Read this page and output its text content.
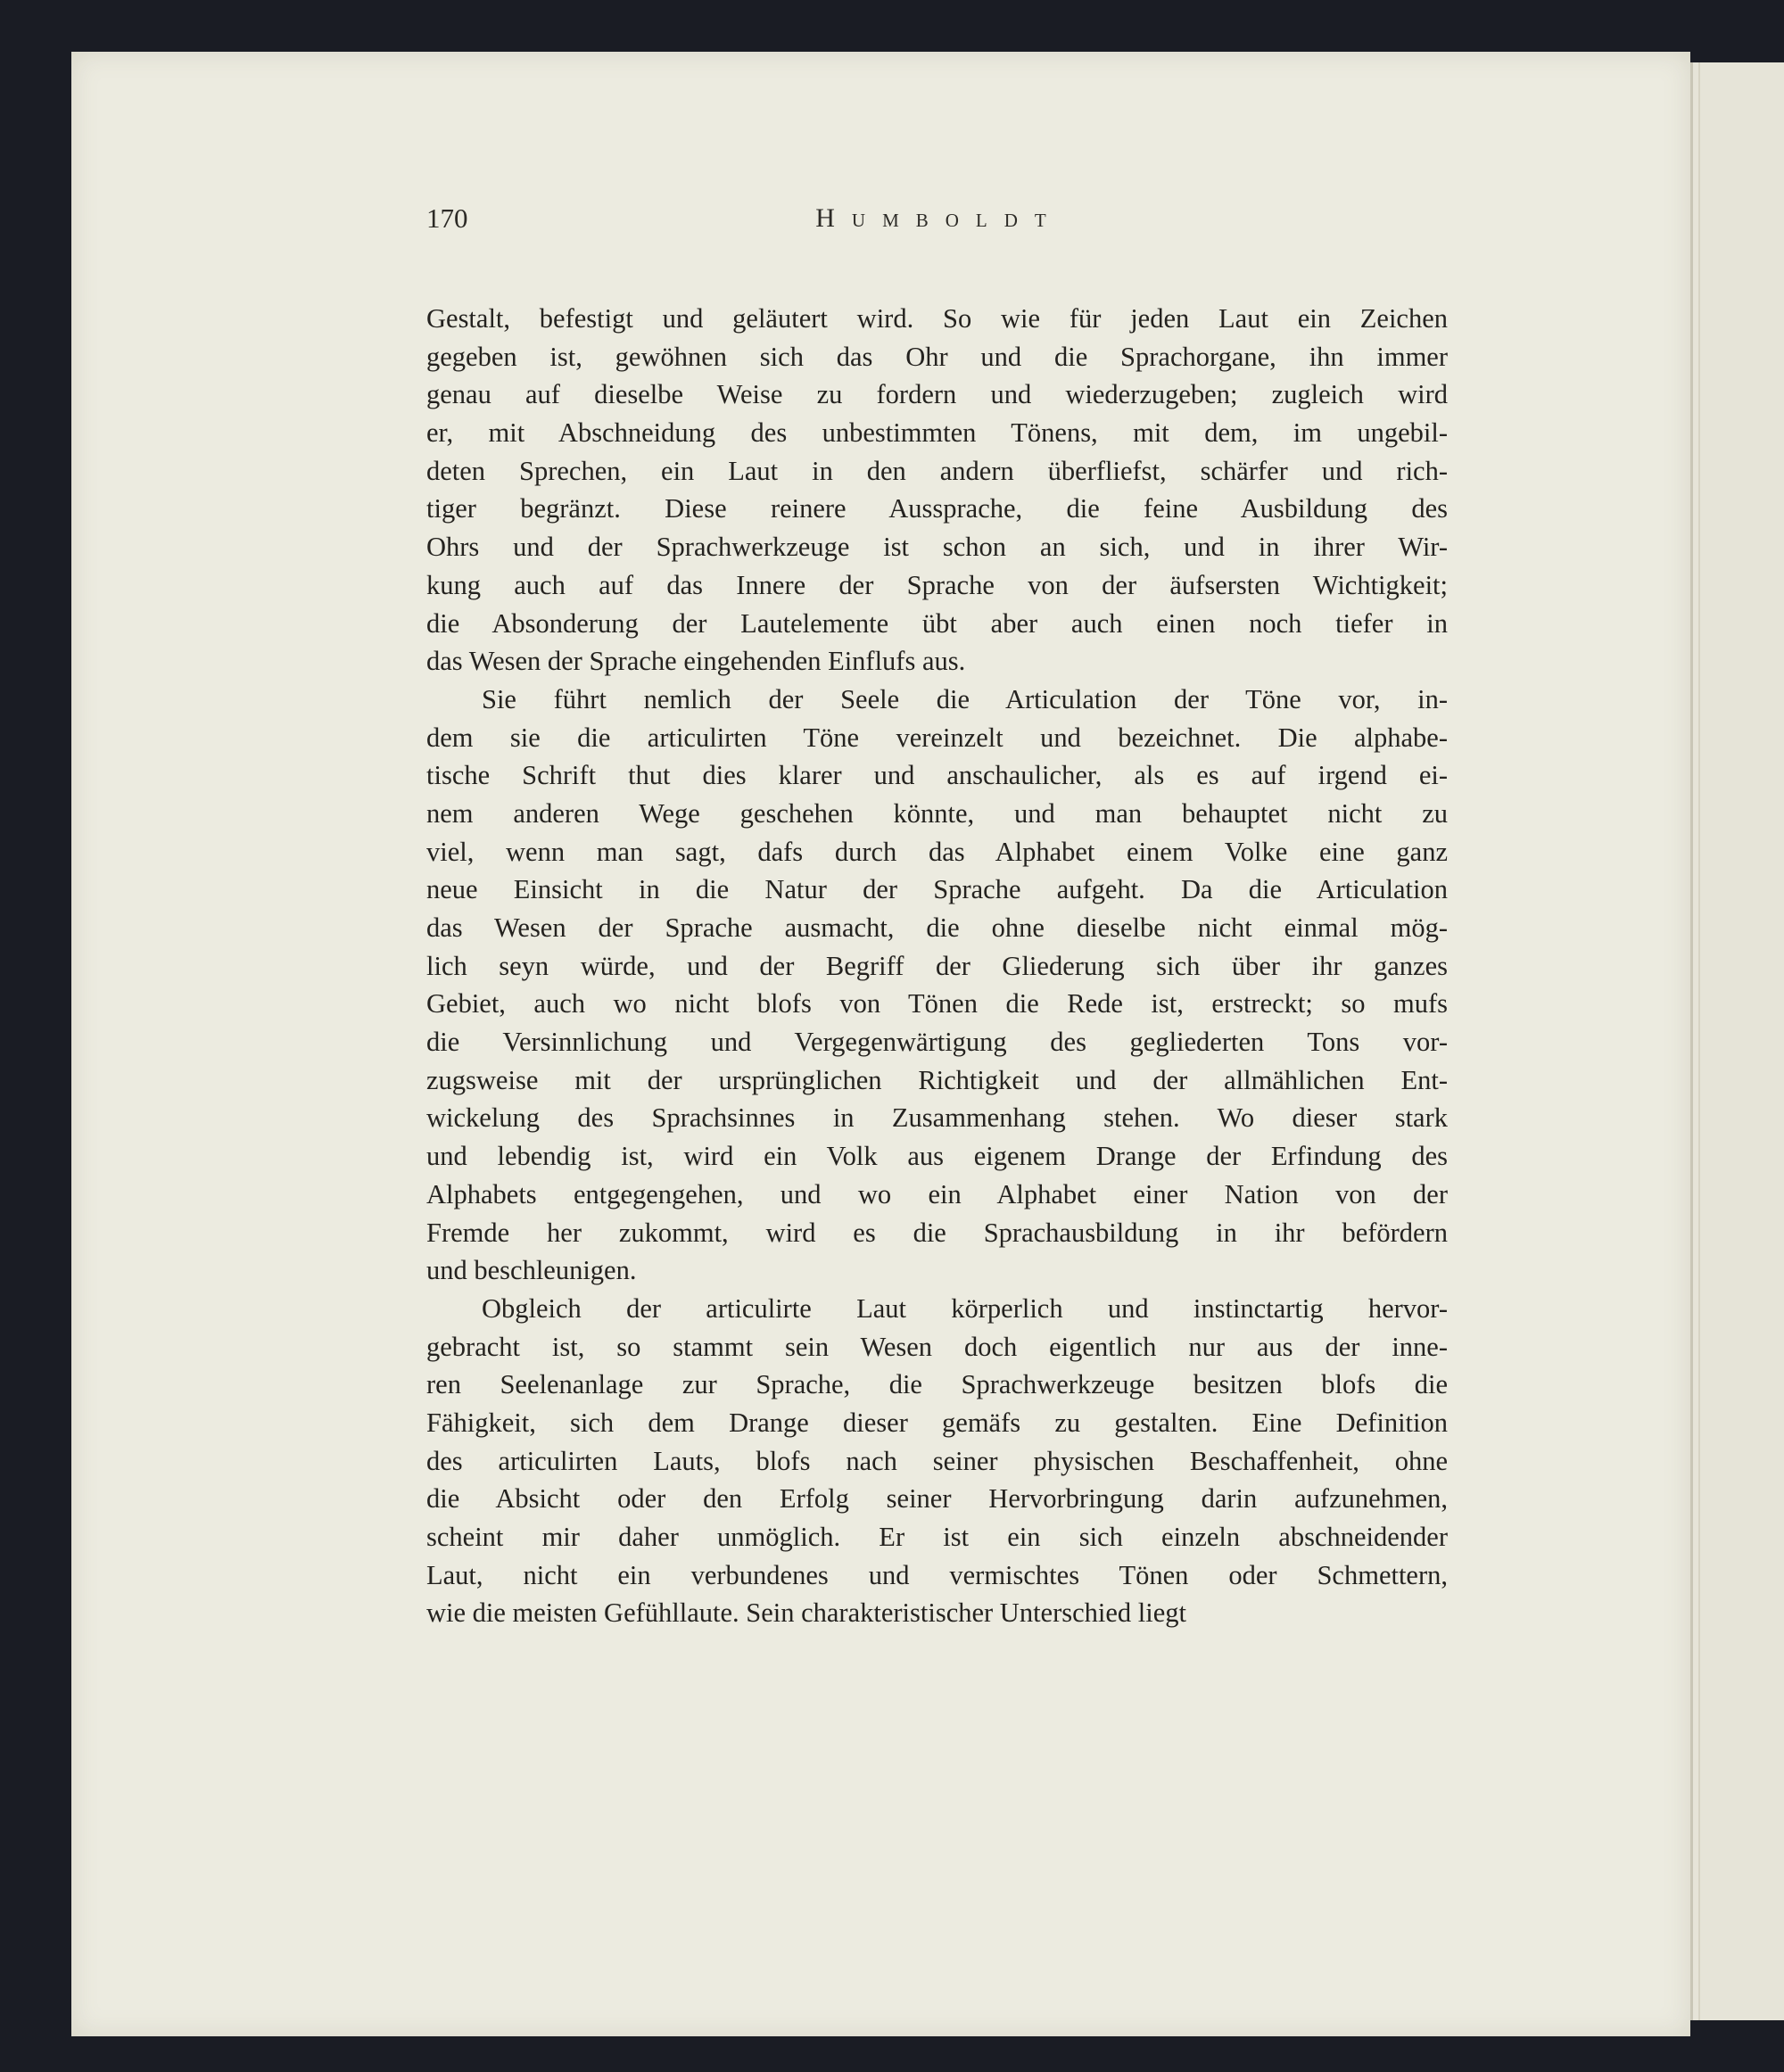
170	Humboldt
Gestalt, befestigt und geläutert wird. So wie für jeden Laut ein Zeichen
gegeben ist, gewöhnen sich das Ohr und die Sprachorgane, ihn immer
genau auf dieselbe Weise zu fordern und wiederzugeben; zugleich wird
er, mit Abschneidung des unbestimmten Tönens, mit dem, im ungebil-
deten Sprechen, ein Laut in den andern überfliefst, schärfer und rich-
tiger begränzt. Diese reinere Aussprache, die feine Ausbildung des
Ohrs und der Sprachwerkzeuge ist schon an sich, und in ihrer Wir-
kung auch auf das Innere der Sprache von der äufsersten Wichtigkeit;
die Absonderung der Lautelemente übt aber auch einen noch tiefer in
das Wesen der Sprache eingehenden Einflufs aus.
Sie führt nemlich der Seele die Articulation der Töne vor, in-
dem sie die articulirten Töne vereinzelt und bezeichnet. Die alphabe-
tische Schrift thut dies klarer und anschaulicher, als es auf irgend ei-
nem anderen Wege geschehen könnte, und man behauptet nicht zu
viel, wenn man sagt, dafs durch das Alphabet einem Volke eine ganz
neue Einsicht in die Natur der Sprache aufgeht. Da die Articulation
das Wesen der Sprache ausmacht, die ohne dieselbe nicht einmal mög-
lich seyn würde, und der Begriff der Gliederung sich über ihr ganzes
Gebiet, auch wo nicht blofs von Tönen die Rede ist, erstreckt; so mufs
die Versinnlichung und Vergegenwärtigung des gegliederten Tons vor-
zugsweise mit der ursprünglichen Richtigkeit und der allmählichen Ent-
wickelung des Sprachsinnes in Zusammenhang stehen. Wo dieser stark
und lebendig ist, wird ein Volk aus eigenem Drange der Erfindung des
Alphabets entgegengehen, und wo ein Alphabet einer Nation von der
Fremde her zukommt, wird es die Sprachausbildung in ihr befördern
und beschleunigen.
Obgleich der articulirte Laut körperlich und instinctartig hervor-
gebracht ist, so stammt sein Wesen doch eigentlich nur aus der inne-
ren Seelenanlage zur Sprache, die Sprachwerkzeuge besitzen blofs die
Fähigkeit, sich dem Drange dieser gemäfs zu gestalten. Eine Definition
des articulirten Lauts, blofs nach seiner physischen Beschaffenheit, ohne
die Absicht oder den Erfolg seiner Hervorbringung darin aufzunehmen,
scheint mir daher unmöglich. Er ist ein sich einzeln abschneidender
Laut, nicht ein verbundenes und vermischtes Tönen oder Schmettern,
wie die meisten Gefühllaute. Sein charakteristischer Unterschied liegt
